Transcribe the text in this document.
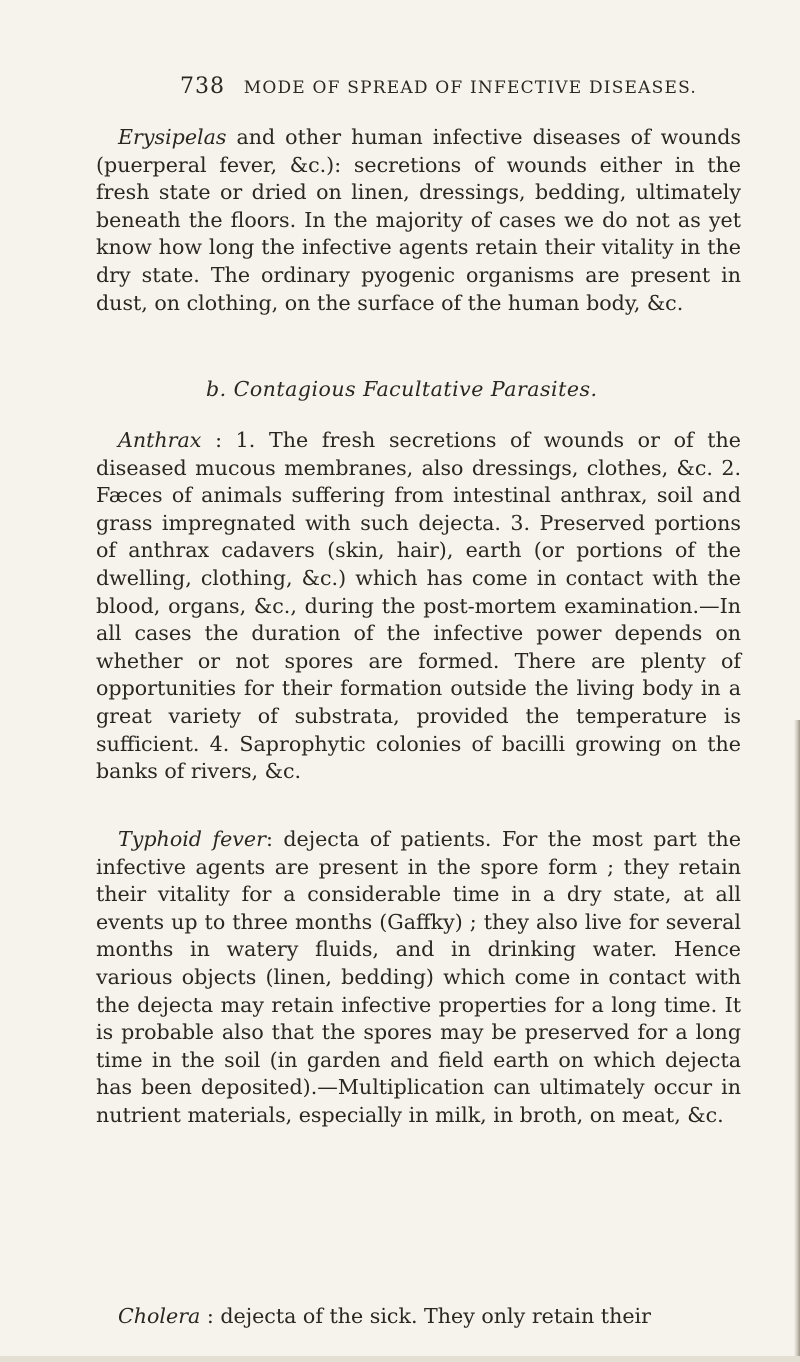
738 MODE OF SPREAD OF INFECTIVE DISEASES.

Erysipelas and other human infective diseases of wounds (puerperal fever, &c.): secretions of wounds either in the fresh state or dried on linen, dressings, bedding, ultimately beneath the floors. In the majority of cases we do not as yet know how long the infective agents retain their vitality in the dry state. The ordinary pyogenic organisms are present in dust, on clothing, on the surface of the human body, &c.

b. Contagious Facultative Parasites.

Anthrax : 1. The fresh secretions of wounds or of the diseased mucous membranes, also dressings, clothes, &c. 2. Fæces of animals suffering from intestinal anthrax, soil and grass impregnated with such dejecta. 3. Preserved portions of anthrax cadavers (skin, hair), earth (or portions of the dwelling, clothing, &c.) which has come in contact with the blood, organs, &c., during the post-mortem examination.—In all cases the duration of the infective power depends on whether or not spores are formed. There are plenty of opportunities for their formation outside the living body in a great variety of substrata, provided the temperature is sufficient. 4. Saprophytic colonies of bacilli growing on the banks of rivers, &c.

Typhoid fever: dejecta of patients. For the most part the infective agents are present in the spore form ; they retain their vitality for a considerable time in a dry state, at all events up to three months (Gaffky) ; they also live for several months in watery fluids, and in drinking water. Hence various objects (linen, bedding) which come in contact with the dejecta may retain infective properties for a long time. It is probable also that the spores may be preserved for a long time in the soil (in garden and field earth on which dejecta has been deposited).—Multiplication can ultimately occur in nutrient materials, especially in milk, in broth, on meat, &c.

Cholera : dejecta of the sick. They only retain their
